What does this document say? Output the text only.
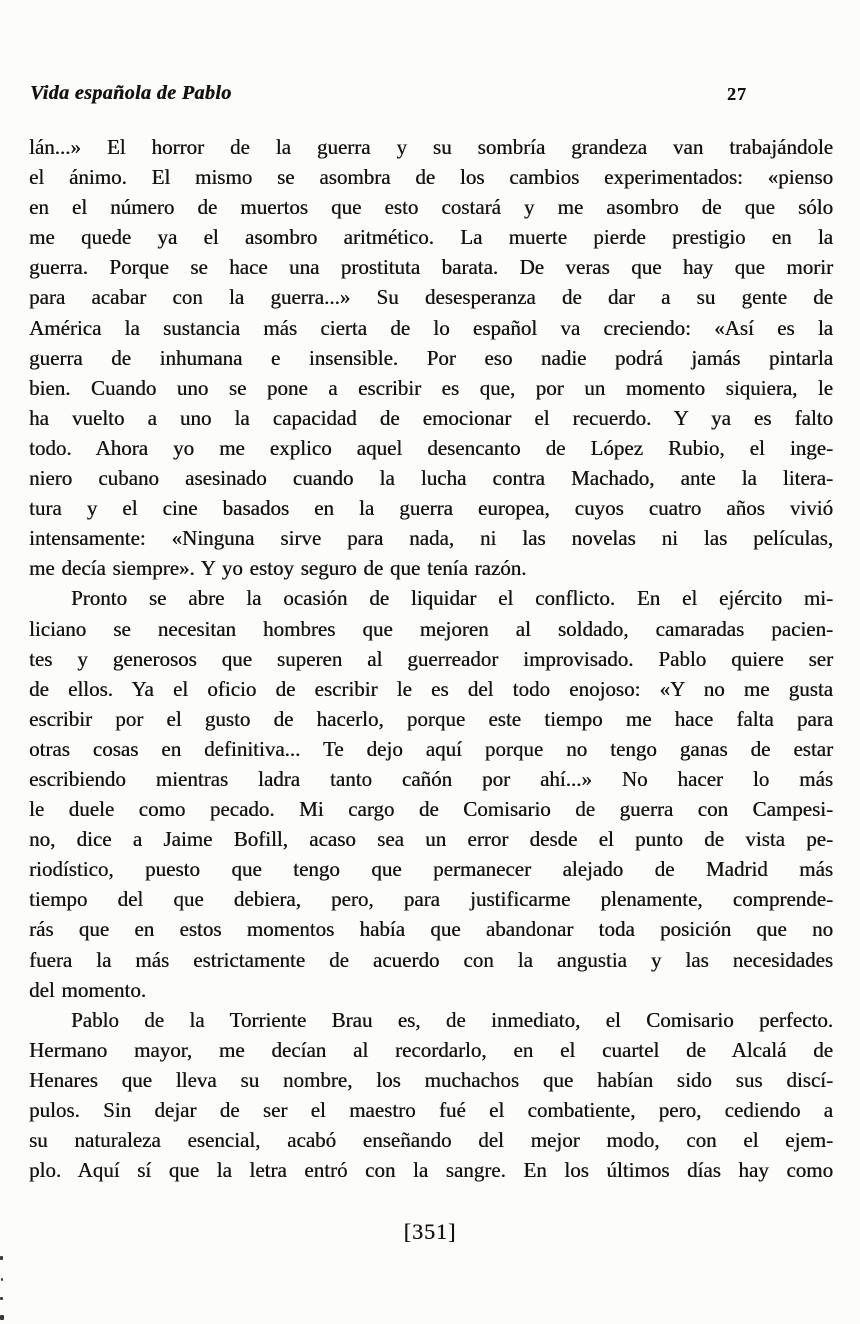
Vida española de Pablo	27
lán...» El horror de la guerra y su sombría grandeza van trabajándole
el ánimo. El mismo se asombra de los cambios experimentados: «pienso
en el número de muertos que esto costará y me asombro de que sólo
me quede ya el asombro aritmético. La muerte pierde prestigio en la
guerra. Porque se hace una prostituta barata. De veras que hay que morir
para acabar con la guerra...» Su desesperanza de dar a su gente de
América la sustancia más cierta de lo español va creciendo: «Así es la
guerra de inhumana e insensible. Por eso nadie podrá jamás pintarla
bien. Cuando uno se pone a escribir es que, por un momento siquiera, le
ha vuelto a uno la capacidad de emocionar el recuerdo. Y ya es falto
todo. Ahora yo me explico aquel desencanto de López Rubio, el inge-
niero cubano asesinado cuando la lucha contra Machado, ante la litera-
tura y el cine basados en la guerra europea, cuyos cuatro años vivió
intensamente: «Ninguna sirve para nada, ni las novelas ni las películas,
me decía siempre». Y yo estoy seguro de que tenía razón.
Pronto se abre la ocasión de liquidar el conflicto. En el ejército mi-
liciano se necesitan hombres que mejoren al soldado, camaradas pacien-
tes y generosos que superen al guerreador improvisado. Pablo quiere ser
de ellos. Ya el oficio de escribir le es del todo enojoso: «Y no me gusta
escribir por el gusto de hacerlo, porque este tiempo me hace falta para
otras cosas en definitiva... Te dejo aquí porque no tengo ganas de estar
escribiendo mientras ladra tanto cañón por ahí...» No hacer lo más
le duele como pecado. Mi cargo de Comisario de guerra con Campesi-
no, dice a Jaime Bofill, acaso sea un error desde el punto de vista pe-
riodístico, puesto que tengo que permanecer alejado de Madrid más
tiempo del que debiera, pero, para justificarme plenamente, comprende-
rás que en estos momentos había que abandonar toda posición que no
fuera la más estrictamente de acuerdo con la angustia y las necesidades
del momento.
Pablo de la Torriente Brau es, de inmediato, el Comisario perfecto.
Hermano mayor, me decían al recordarlo, en el cuartel de Alcalá de
Henares que lleva su nombre, los muchachos que habían sido sus discí-
pulos. Sin dejar de ser el maestro fué el combatiente, pero, cediendo a
su naturaleza esencial, acabó enseñando del mejor modo, con el ejem-
plo. Aquí sí que la letra entró con la sangre. En los últimos días hay como
[351]
